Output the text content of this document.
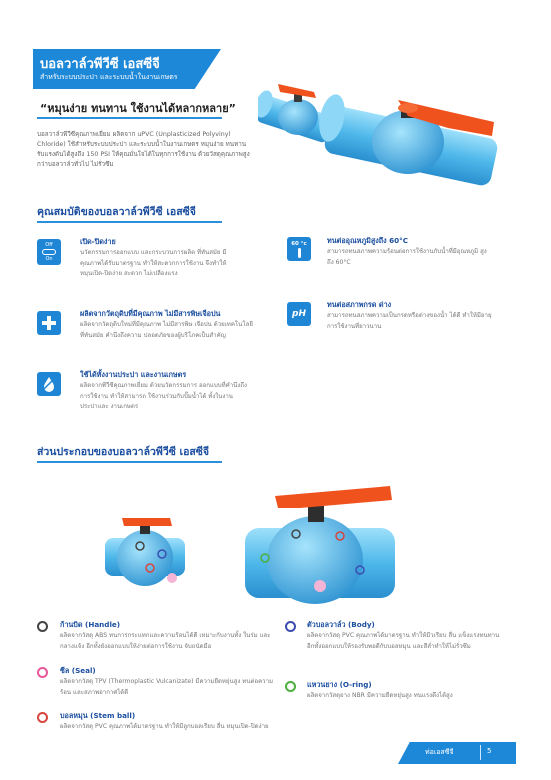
บอลวาล์วพีวีซี เอสซีจี
สำหรับระบบประปา และระบบน้ำในงานเกษตร
“หมุนง่าย ทนทาน ใช้งานได้หลากหลาย”
บอลวาล์วพีวีซีคุณภาพเยี่ยม ผลิตจาก uPVC (Unplasticized Polyvinyl Chloride) ใช้สำหรับระบบประปา และระบบน้ำในงานเกษตร หมุนง่าย ทนทาน รับแรงดันได้สูงถึง 150 PSI ให้คุณมั่นใจได้ในทุกการใช้งาน ด้วยวัสดุคุณภาพสูงกว่าบอลวาล์วทั่วไป ไม่รั่วซึม
คุณสมบัติของบอลวาล์วพีวีซี เอสซีจี
Off
On
เปิด-ปิดง่าย
นวัตกรรมการออกแบบ และกระบวนการผลิต ที่ทันสมัย มีคุณภาพได้รับมาตรฐาน ทำให้สะดวกการใช้งาน จึงทำให้ หมุนเปิด-ปิดง่าย สะดวก ไม่เปลืองแรง
ผลิตจากวัตถุดิบที่มีคุณภาพ ไม่มีสารพิษเจือปน
ผลิตจากวัตถุดิบใหม่ที่มีคุณภาพ ไม่มีสารพิษ เจือปน ด้วยเทคโนโลยีที่ทันสมัย คำนึงถึงความ ปลอดภัยของผู้บริโภคเป็นสำคัญ
ใช้ได้ทั้งงานประปา และงานเกษตร
ผลิตจากพีวีซีคุณภาพเยี่ยม ด้วยนวัตกรรมการ ออกแบบที่คำนึงถึงการใช้งาน ทำให้สามารถ ใช้งานร่วมกับปั๊มน้ำได้ ทั้งในงานประปาและ งานเกษตร
60 °c	ทนต่ออุณหภูมิสูงถึง 60°C
สามารถทนสภาพความร้อนต่อการใช้งานกับน้ำที่มีอุณหภูมิ สูงถึง 60°C
pH
ทนต่อสภาพกรด ด่าง
สามารถทนสภาพความเป็นกรดหรือด่างของน้ำ ได้ดี ทำให้มีอายุการใช้งานที่ยาวนาน
ส่วนประกอบของบอลวาล์วพีวีซี เอสซีจี
ก้านบิด (Handle)
ผลิตจากวัสดุ ABS ทนการกระแทกและความร้อนได้ดี เหมาะกับงานทั้ง ในร่ม และกลางแจ้ง อีกทั้งยังออกแบบให้ง่ายต่อการใช้งาน จับถนัดมือ
ซีล (Seal)
ผลิตจากวัสดุ TPV (Thermoplastic Vulcanizate) มีความยืดหยุ่นสูง ทนต่อความร้อน และสภาพอากาศได้ดี
บอลหมุน (Stem ball)
ผลิตจากวัสดุ PVC คุณภาพได้มาตรฐาน ทำให้มีลูกบอลเรียบ ลื่น หมุนเปิด-ปิดง่าย
ตัวบอลวาล์ว (Body)
ผลิตจากวัสดุ PVC คุณภาพได้มาตรฐาน ทำให้มีวเรียบ ลื่น แข็งแรงทนทาน อีกทั้งออกแบบให้รองรับพอดีกับบอลหมุน และสีล่ำทำให้ไม่รั่วซึม
แหวนยาง (O-ring)
ผลิตจากวัสดุยาง NBR มีความยืดหยุ่นสูง ทนแรงดึงได้สูง
ท่อเอสซีจี	5
